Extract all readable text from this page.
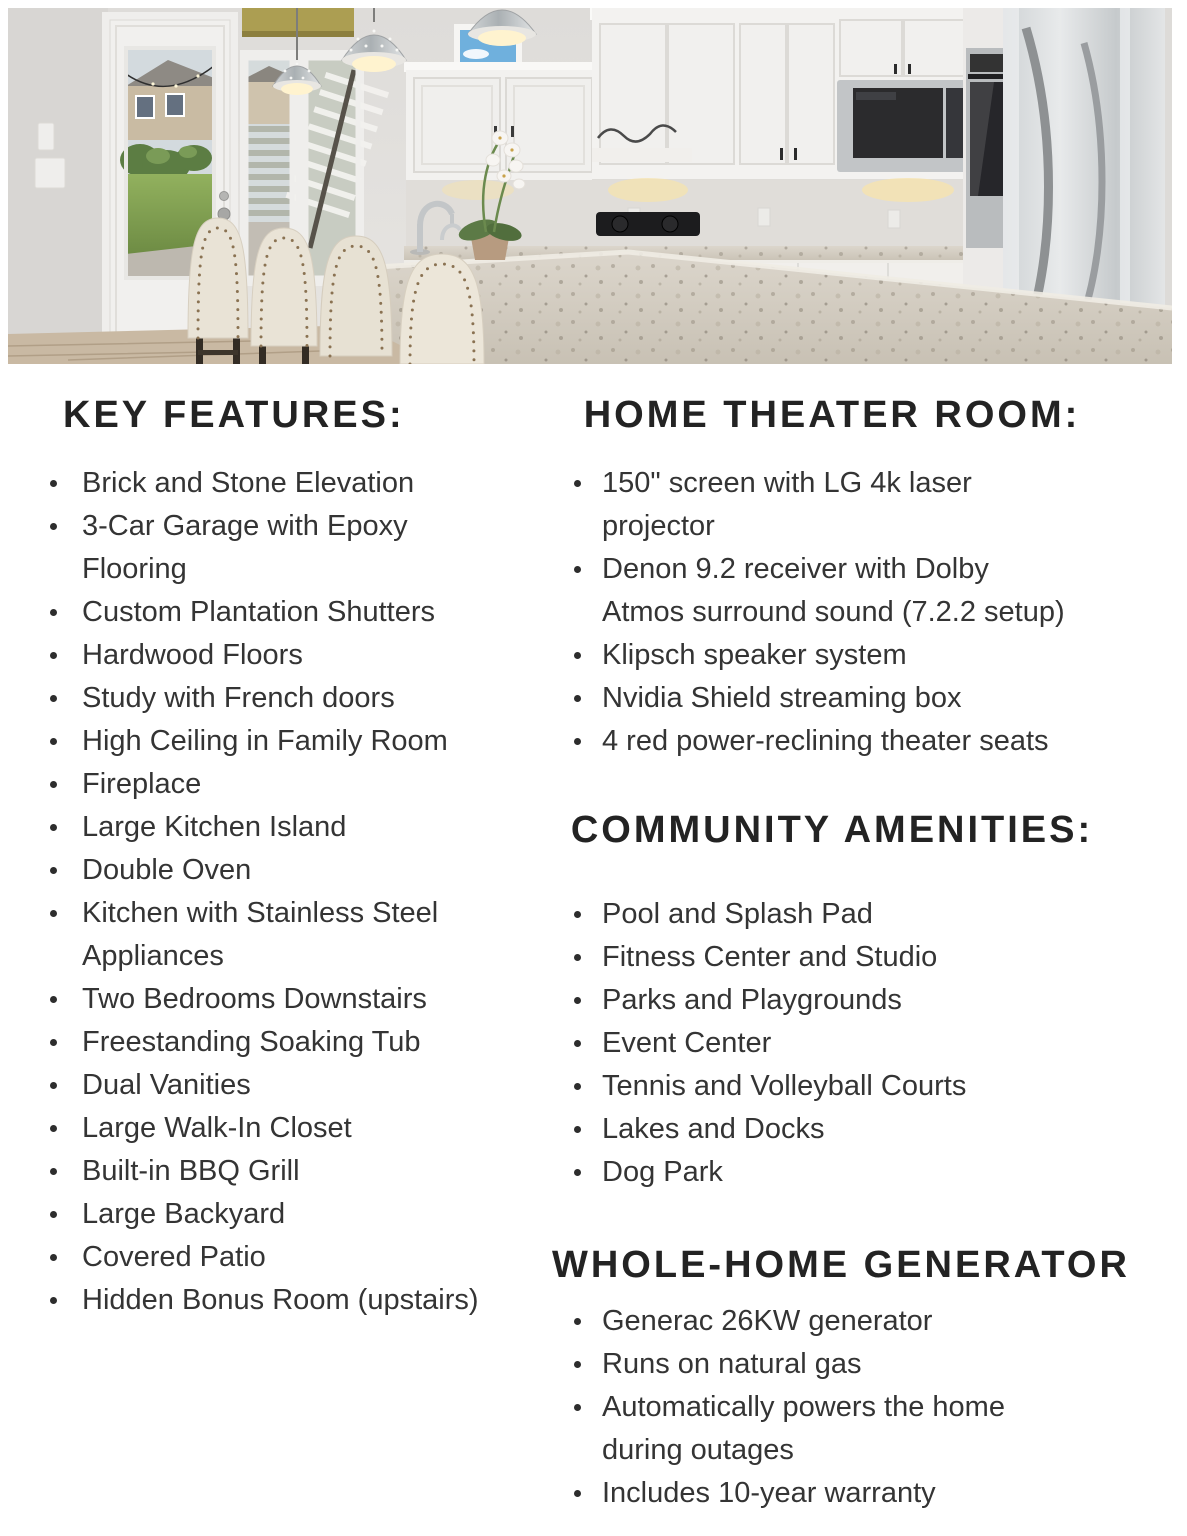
KEY FEATURES:
Brick and Stone Elevation
3-Car Garage with Epoxy Flooring
Custom Plantation Shutters
Hardwood Floors
Study with French doors
High Ceiling in Family Room
Fireplace
Large Kitchen Island
Double Oven
Kitchen with Stainless Steel Appliances
Two Bedrooms Downstairs
Freestanding Soaking Tub
Dual Vanities
Large Walk-In Closet
Built-in BBQ Grill
Large Backyard
Covered Patio
Hidden Bonus Room (upstairs)
HOME THEATER ROOM:
150" screen with LG 4k laser projector
Denon 9.2 receiver with Dolby Atmos surround sound (7.2.2 setup)
Klipsch speaker system
Nvidia Shield streaming box
4 red power-reclining theater seats
COMMUNITY AMENITIES:
Pool and Splash Pad
Fitness Center and Studio
Parks and Playgrounds
Event Center
Tennis and Volleyball Courts
Lakes and Docks
Dog Park
WHOLE-HOME GENERATOR
Generac 26KW generator
Runs on natural gas
Automatically powers the home during outages
Includes 10-year warranty
